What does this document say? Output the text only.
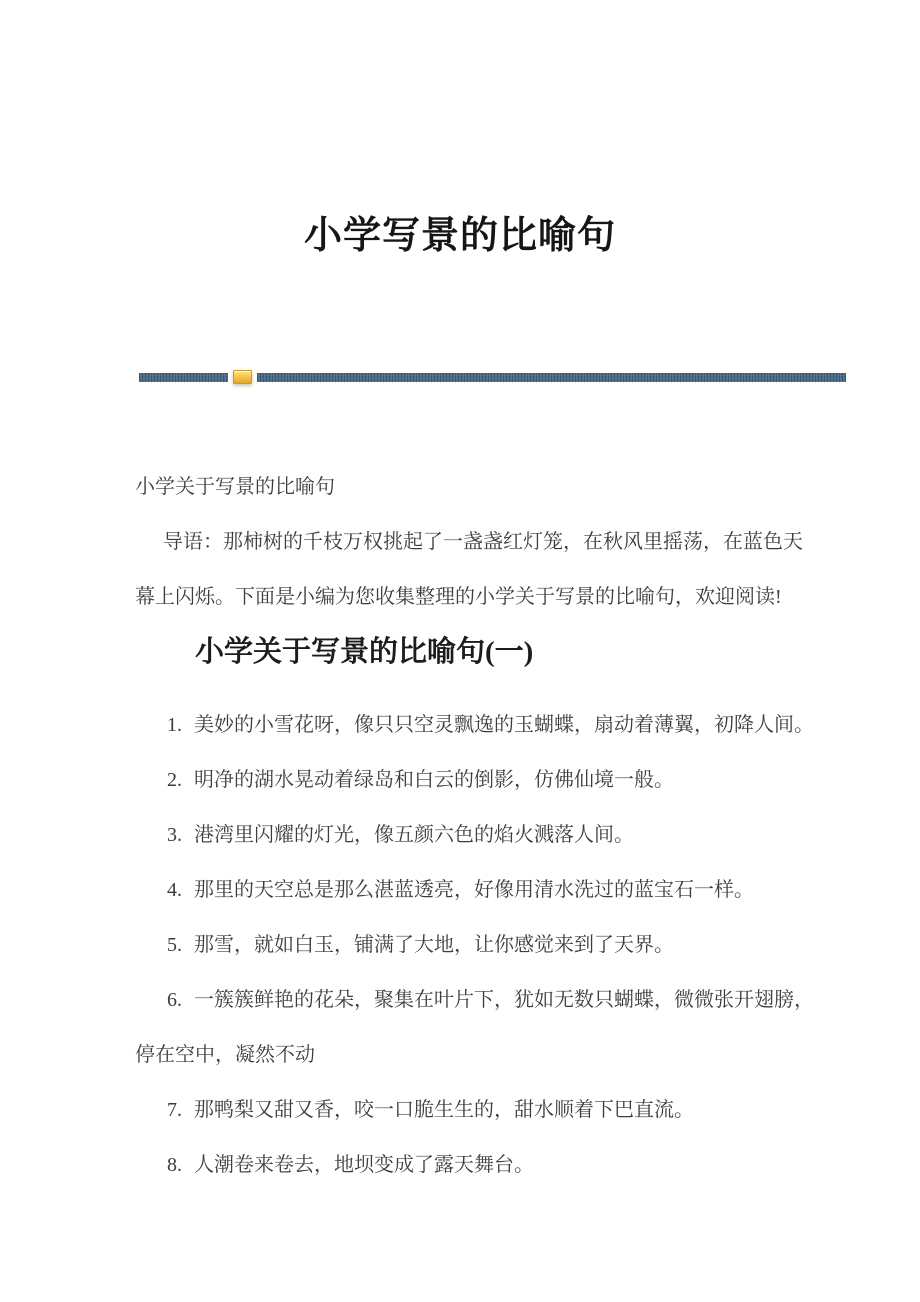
小学写景的比喻句

小学关于写景的比喻句

导语：那柿树的千枝万权挑起了一盏盏红灯笼，在秋风里摇荡，在蓝色天
幕上闪烁。下面是小编为您收集整理的小学关于写景的比喻句，欢迎阅读!
小学关于写景的比喻句(一)
1. 美妙的小雪花呀，像只只空灵飘逸的玉蝴蝶，扇动着薄翼，初降人间。
2. 明净的湖水晃动着绿岛和白云的倒影，仿佛仙境一般。
3. 港湾里闪耀的灯光，像五颜六色的焰火溅落人间。
4. 那里的天空总是那么湛蓝透亮，好像用清水洗过的蓝宝石一样。
5. 那雪，就如白玉，铺满了大地，让你感觉来到了天界。
6. 一簇簇鲜艳的花朵，聚集在叶片下，犹如无数只蝴蝶，微微张开翅膀，
停在空中，凝然不动
7. 那鸭梨又甜又香，咬一口脆生生的，甜水顺着下巴直流。
8. 人潮卷来卷去，地坝变成了露天舞台。
